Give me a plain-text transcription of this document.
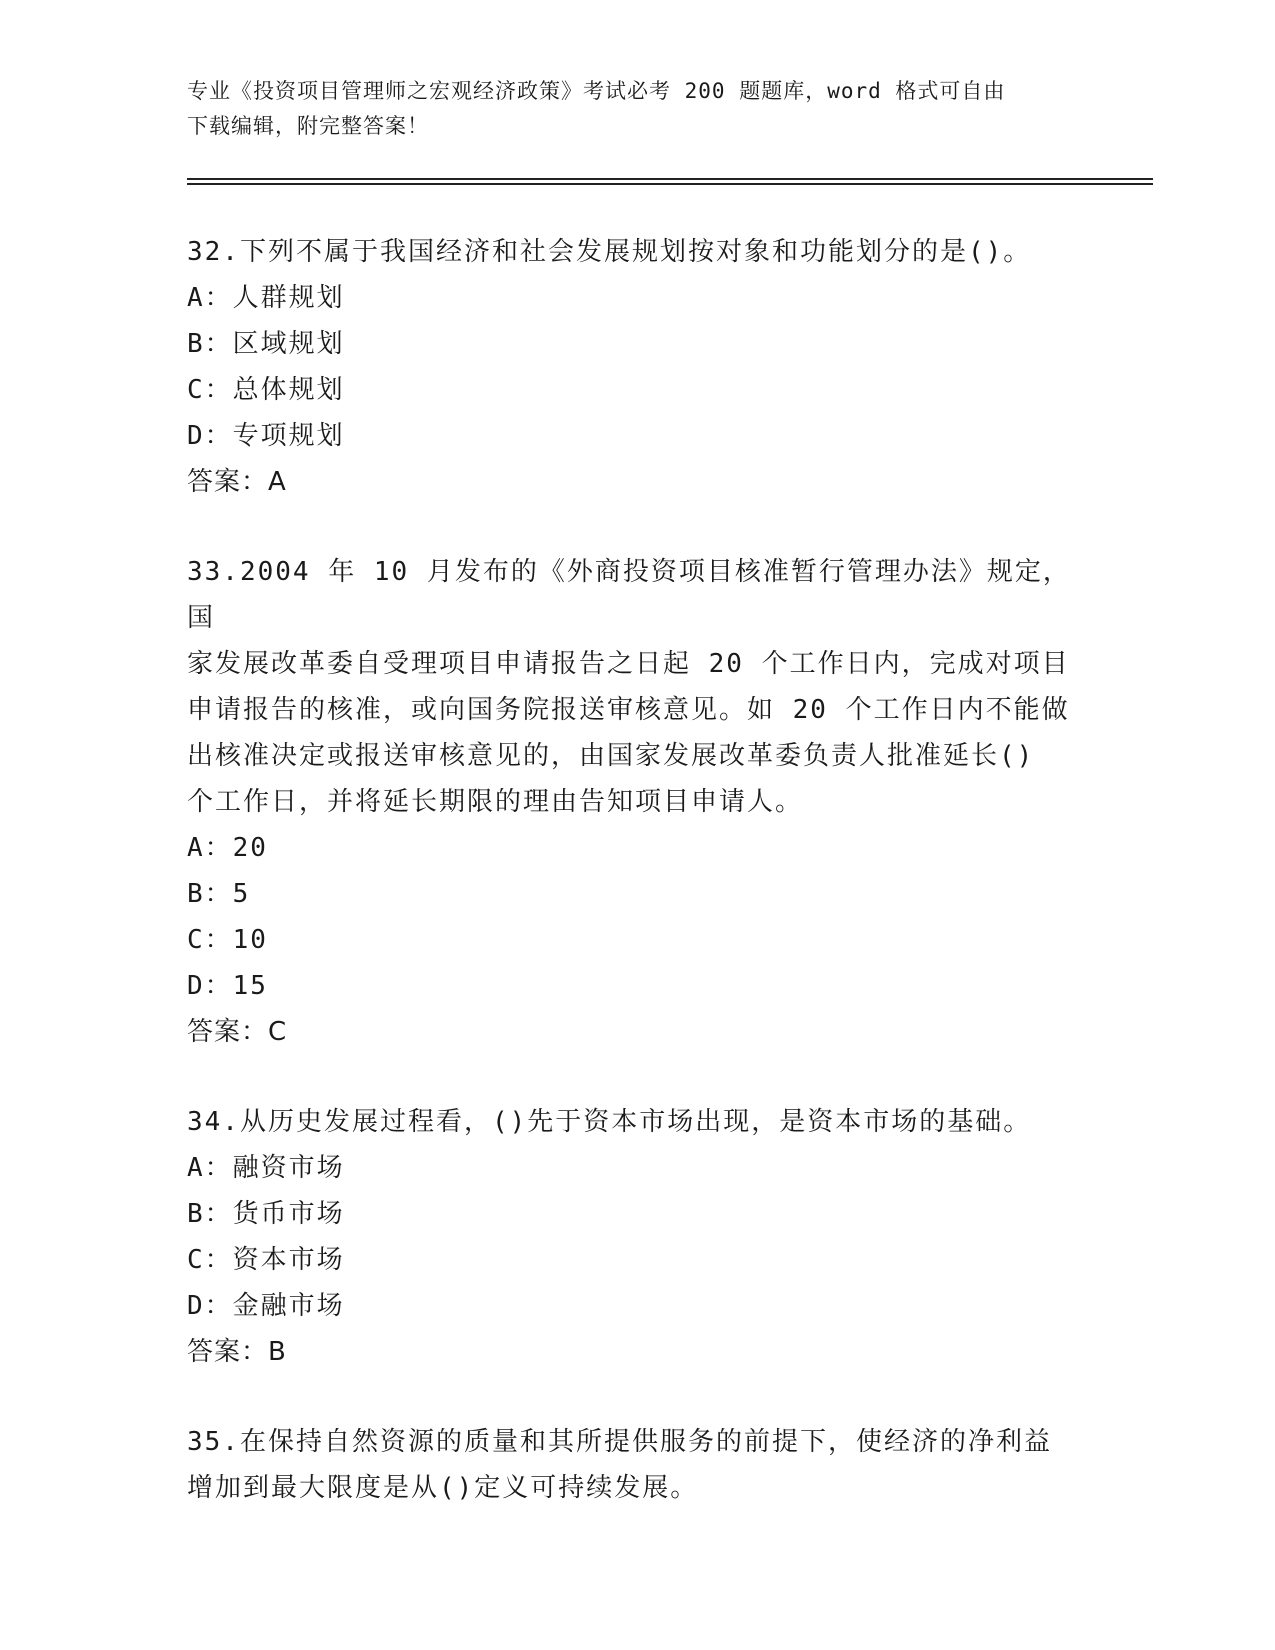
专业《投资项目管理师之宏观经济政策》考试必考 200 题题库，word 格式可自由
下载编辑，附完整答案！
32.下列不属于我国经济和社会发展规划按对象和功能划分的是()。
A：人群规划
B：区域规划
C：总体规划
D：专项规划
答案：A
33.2004 年 10 月发布的《外商投资项目核准暂行管理办法》规定，国
家发展改革委自受理项目申请报告之日起 20 个工作日内，完成对项目
申请报告的核准，或向国务院报送审核意见。如 20 个工作日内不能做
出核准决定或报送审核意见的，由国家发展改革委负责人批准延长()
个工作日，并将延长期限的理由告知项目申请人。
A：20
B：5
C：10
D：15
答案：C
34.从历史发展过程看，()先于资本市场出现，是资本市场的基础。
A：融资市场
B：货币市场
C：资本市场
D：金融市场
答案：B
35.在保持自然资源的质量和其所提供服务的前提下，使经济的净利益
增加到最大限度是从()定义可持续发展。
